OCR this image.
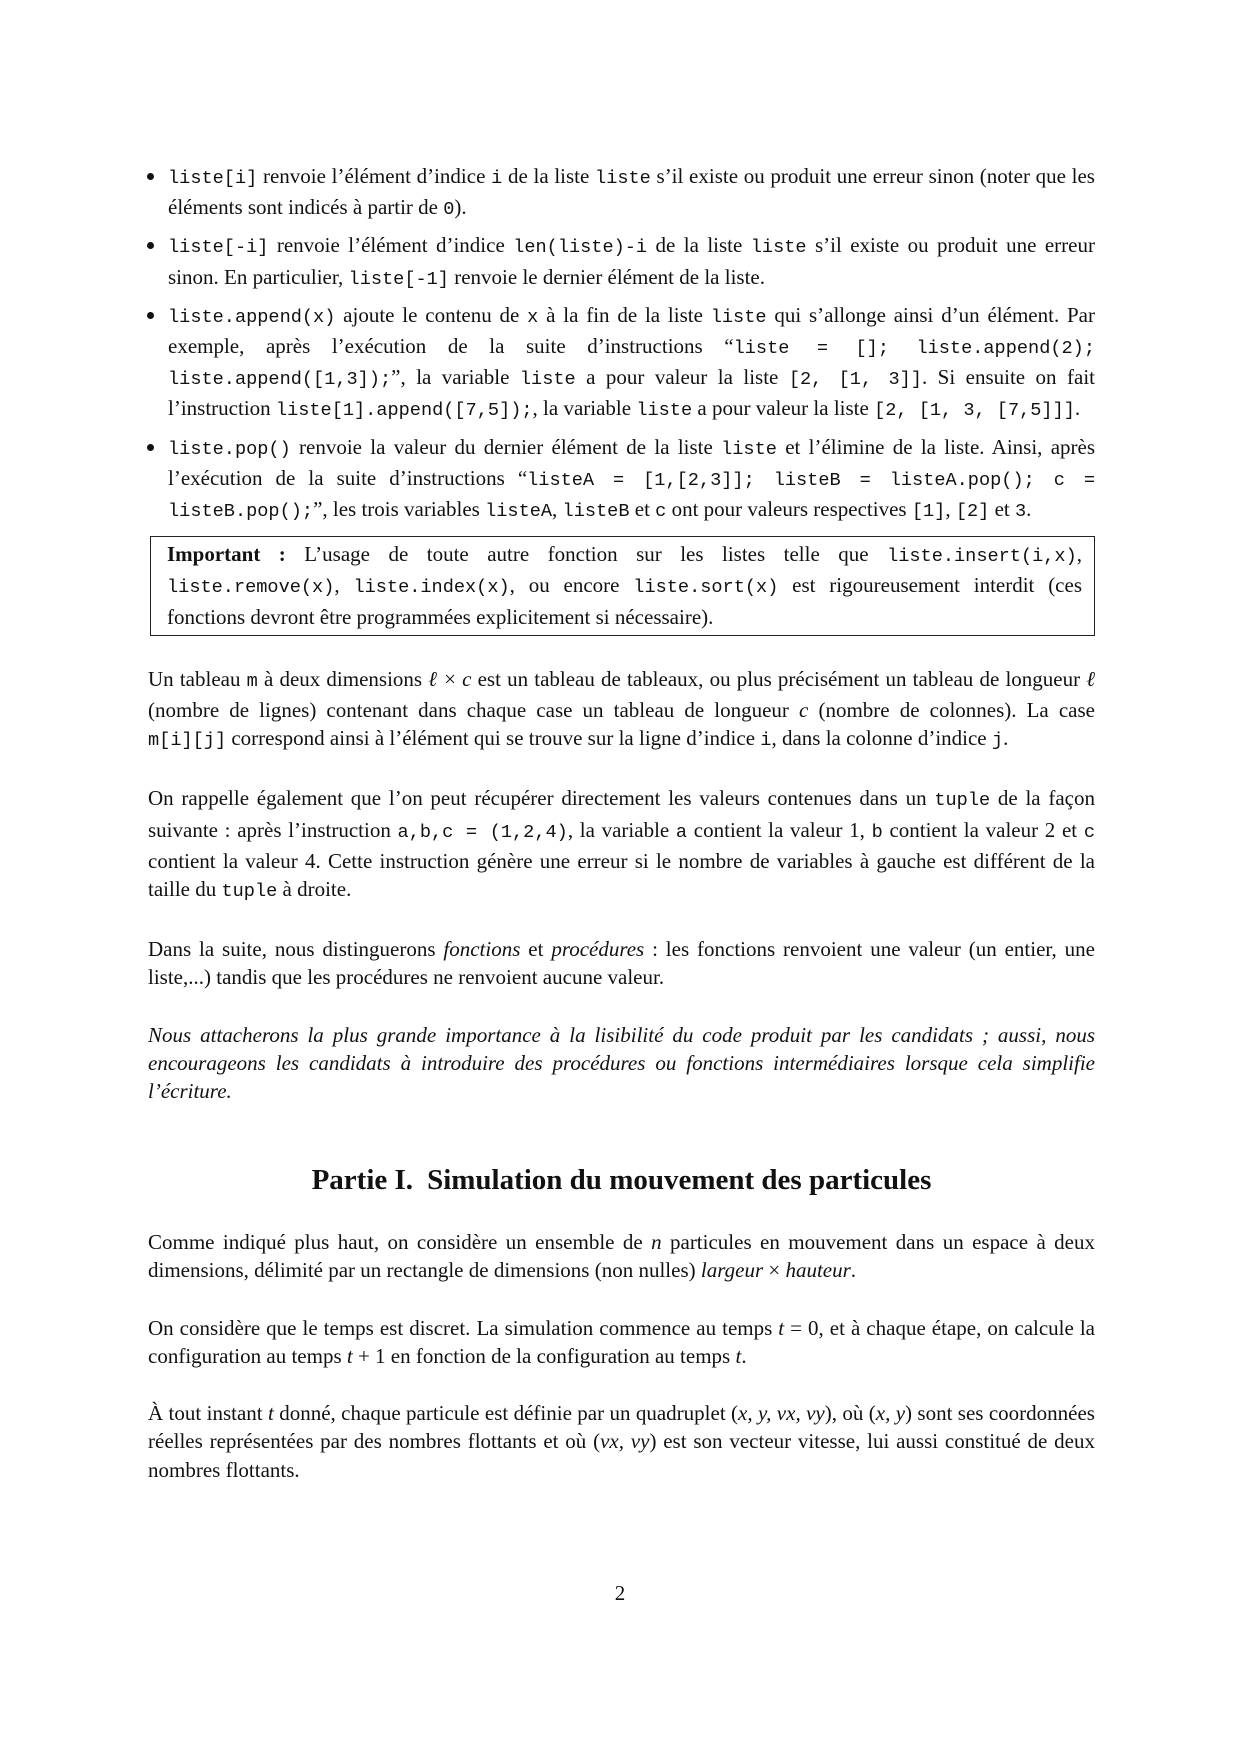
liste[i] renvoie l’élément d’indice i de la liste liste s’il existe ou produit une erreur sinon (noter que les éléments sont indicés à partir de 0).
liste[-i] renvoie l’élément d’indice len(liste)-i de la liste liste s’il existe ou produit une erreur sinon. En particulier, liste[-1] renvoie le dernier élément de la liste.
liste.append(x) ajoute le contenu de x à la fin de la liste liste qui s’allonge ainsi d’un élément. Par exemple, après l’exécution de la suite d’instructions “liste = []; liste.append(2); liste.append([1,3]);”, la variable liste a pour valeur la liste [2, [1, 3]]. Si ensuite on fait l’instruction liste[1].append([7,5]);, la variable liste a pour valeur la liste [2, [1, 3, [7,5]]].
liste.pop() renvoie la valeur du dernier élément de la liste liste et l’élimine de la liste. Ainsi, après l’exécution de la suite d’instructions “listeA = [1,[2,3]]; listeB = listeA.pop(); c = listeB.pop();”, les trois variables listeA, listeB et c ont pour valeurs respectives [1], [2] et 3.
Important : L’usage de toute autre fonction sur les listes telle que liste.insert(i,x), liste.remove(x), liste.index(x), ou encore liste.sort(x) est rigoureusement interdit (ces fonctions devront être programmées explicitement si nécessaire).

Un tableau m à deux dimensions ℓ × c est un tableau de tableaux, ou plus précisément un tableau de longueur ℓ (nombre de lignes) contenant dans chaque case un tableau de longueur c (nombre de colonnes). La case m[i][j] correspond ainsi à l’élément qui se trouve sur la ligne d’indice i, dans la colonne d’indice j.

On rappelle également que l’on peut récupérer directement les valeurs contenues dans un tuple de la façon suivante : après l’instruction a,b,c = (1,2,4), la variable a contient la valeur 1, b contient la valeur 2 et c contient la valeur 4. Cette instruction génère une erreur si le nombre de variables à gauche est différent de la taille du tuple à droite.

Dans la suite, nous distinguerons fonctions et procédures : les fonctions renvoient une valeur (un entier, une liste,...) tandis que les procédures ne renvoient aucune valeur.

Nous attacherons la plus grande importance à la lisibilité du code produit par les candidats ; aussi, nous encourageons les candidats à introduire des procédures ou fonctions intermédiaires lorsque cela simplifie l’écriture.

Partie I. Simulation du mouvement des particules

Comme indiqué plus haut, on considère un ensemble de n particules en mouvement dans un espace à deux dimensions, délimité par un rectangle de dimensions (non nulles) largeur × hauteur.

On considère que le temps est discret. La simulation commence au temps t = 0, et à chaque étape, on calcule la configuration au temps t + 1 en fonction de la configuration au temps t.

À tout instant t donné, chaque particule est définie par un quadruplet (x, y, vx, vy), où (x, y) sont ses coordonnées réelles représentées par des nombres flottants et où (vx, vy) est son vecteur vitesse, lui aussi constitué de deux nombres flottants.

2
